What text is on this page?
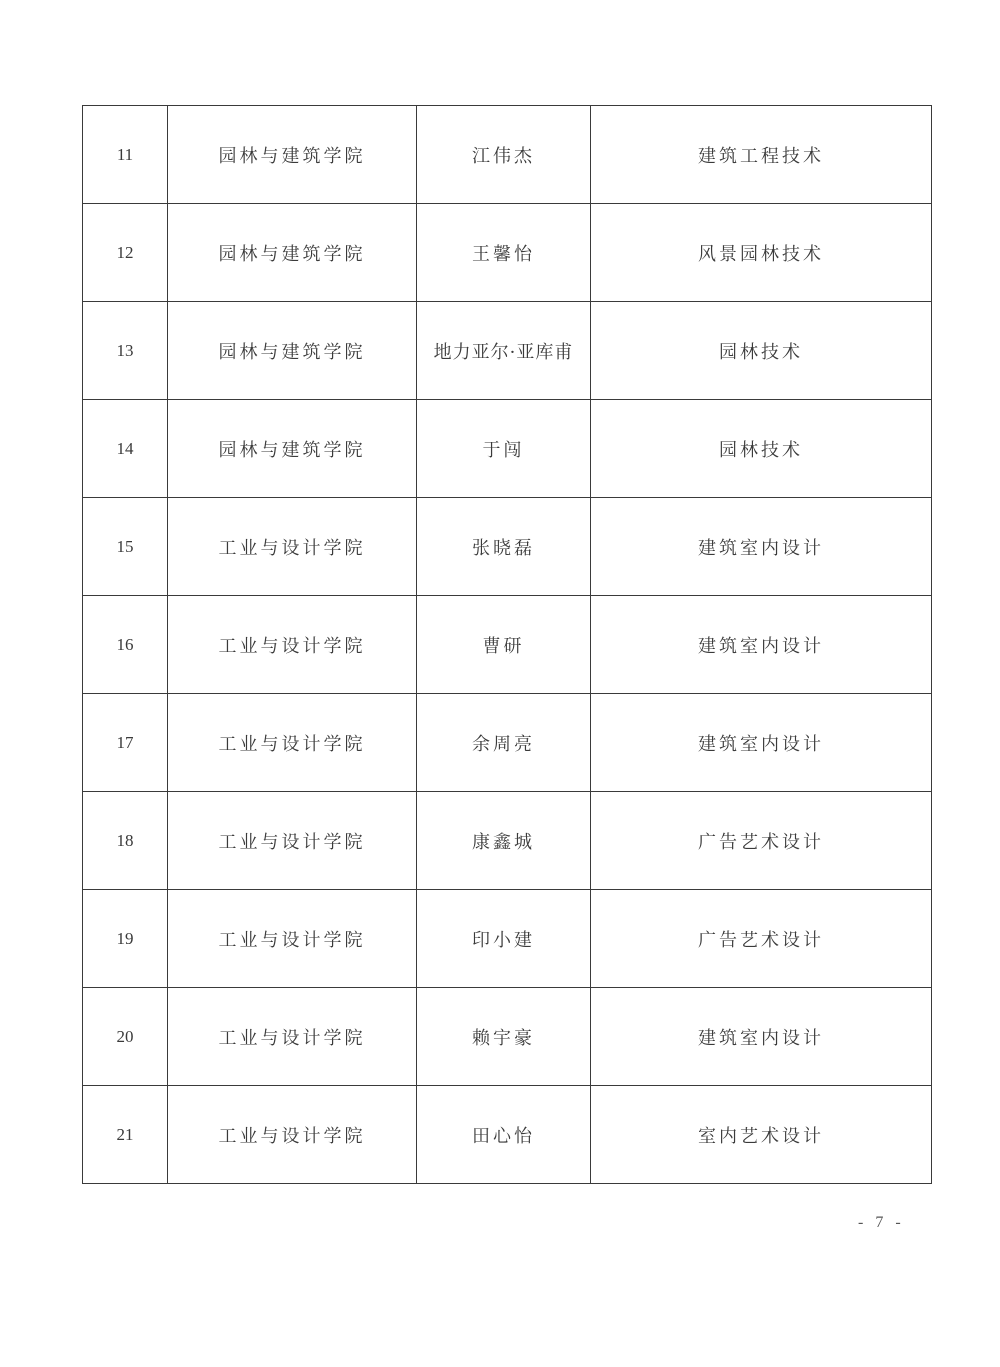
11	园林与建筑学院	江伟杰	建筑工程技术
12	园林与建筑学院	王馨怡	风景园林技术
13	园林与建筑学院	地力亚尔·亚库甫	园林技术
14	园林与建筑学院	于闯	园林技术
15	工业与设计学院	张晓磊	建筑室内设计
16	工业与设计学院	曹研	建筑室内设计
17	工业与设计学院	余周亮	建筑室内设计
18	工业与设计学院	康鑫城	广告艺术设计
19	工业与设计学院	印小建	广告艺术设计
20	工业与设计学院	赖宇豪	建筑室内设计
21	工业与设计学院	田心怡	室内艺术设计
- 7 -
